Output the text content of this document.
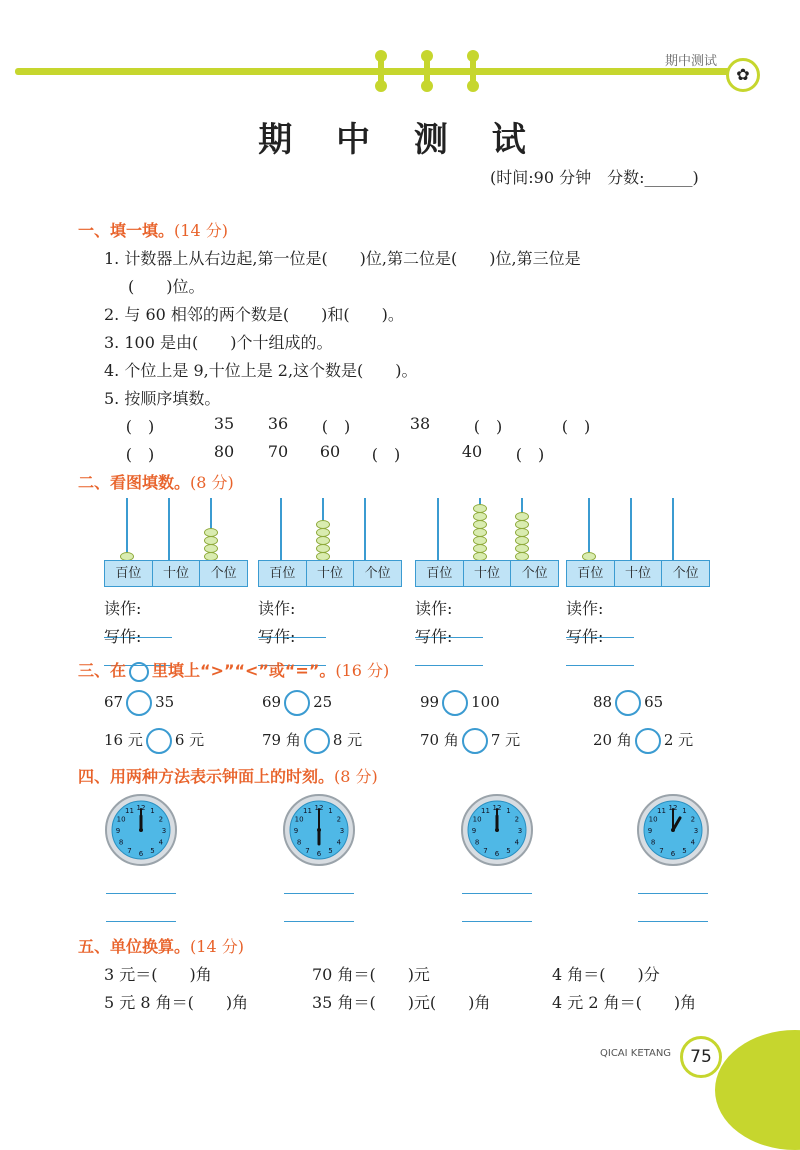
期中测试
✿
期 中 测 试
(时间:90 分钟　分数:______)
一、填一填。(14 分)
1. 计数器上从右边起,第一位是(　　)位,第二位是(　　)位,第三位是
(　　)位。
2. 与 60 相邻的两个数是(　　)和(　　)。
3. 100 是由(　　)个十组成的。
4. 个位上是 9,十位上是 2,这个数是(　　)。
5. 按顺序填数。
(　)	35	36	(　)	38	(　)	(　)
(　)	80	70	60	(　)	40	(　)
二、看图填数。(8 分)
百位	十位	个位
读作:
写作:
百位	十位	个位
读作:
写作:
百位	十位	个位
读作:
写作:
百位	十位	个位
读作:
写作:
三、在 里填上“>”“<”或“=”。(16 分)
67 35	69 25	99 100	88 65
16 元 6 元	79 角 8 元	70 角 7 元	20 角 2 元
四、用两种方法表示钟面上的时刻。(8 分)
12 1
2
3
4
5
6
7
8
9
10
11	12 1
2
3
4
5
6
7
8
9
10
11	12 1
2
3
4
5
6
7
8
9
10
11	12 1
2
3
4
5
6
7
8
9
10
11
五、单位换算。(14 分)
3 元＝(　　)角	70 角＝(　　)元	4 角＝(　　)分
5 元 8 角＝(　　)角	35 角＝(　　)元(　　)角	4 元 2 角＝(　　)角
QICAI KETANG	75
